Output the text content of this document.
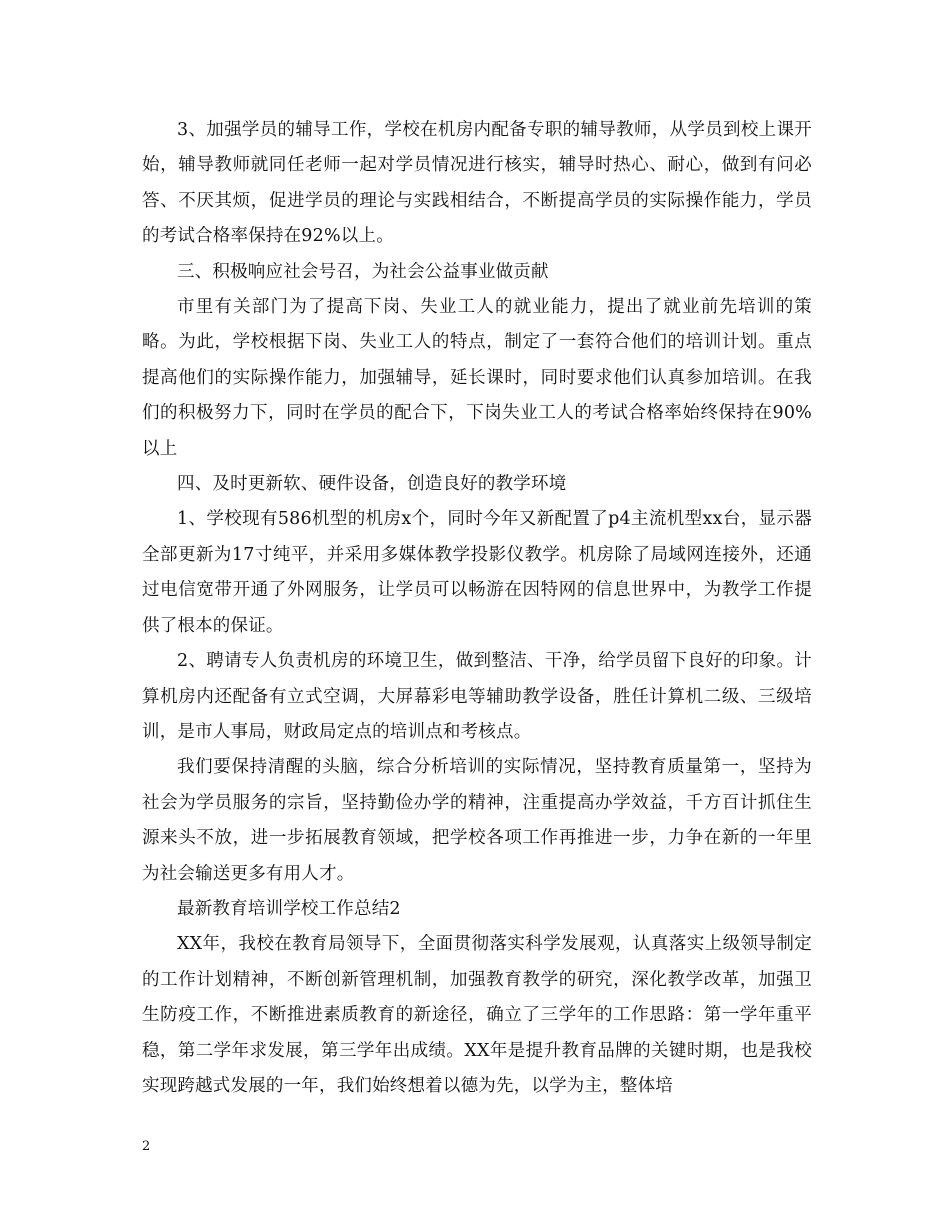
3、加强学员的辅导工作，学校在机房内配备专职的辅导教师，从学员到校上课开始，辅导教师就同任老师一起对学员情况进行核实，辅导时热心、耐心，做到有问必答、不厌其烦，促进学员的理论与实践相结合，不断提高学员的实际操作能力，学员的考试合格率保持在92%以上。

三、积极响应社会号召，为社会公益事业做贡献

市里有关部门为了提高下岗、失业工人的就业能力，提出了就业前先培训的策略。为此，学校根据下岗、失业工人的特点，制定了一套符合他们的培训计划。重点提高他们的实际操作能力，加强辅导，延长课时，同时要求他们认真参加培训。在我们的积极努力下，同时在学员的配合下，下岗失业工人的考试合格率始终保持在90%以上

四、及时更新软、硬件设备，创造良好的教学环境

1、学校现有586机型的机房x个，同时今年又新配置了p4主流机型xx台，显示器全部更新为17寸纯平，并采用多媒体教学投影仪教学。机房除了局域网连接外，还通过电信宽带开通了外网服务，让学员可以畅游在因特网的信息世界中，为教学工作提供了根本的保证。

2、聘请专人负责机房的环境卫生，做到整洁、干净，给学员留下良好的印象。计算机房内还配备有立式空调，大屏幕彩电等辅助教学设备，胜任计算机二级、三级培训，是市人事局，财政局定点的培训点和考核点。

我们要保持清醒的头脑，综合分析培训的实际情况，坚持教育质量第一，坚持为社会为学员服务的宗旨，坚持勤俭办学的精神，注重提高办学效益，千方百计抓住生源来头不放，进一步拓展教育领域，把学校各项工作再推进一步，力争在新的一年里为社会输送更多有用人才。

最新教育培训学校工作总结2

XX年，我校在教育局领导下，全面贯彻落实科学发展观，认真落实上级领导制定的工作计划精神，不断创新管理机制，加强教育教学的研究，深化教学改革，加强卫生防疫工作，不断推进素质教育的新途径，确立了三学年的工作思路：第一学年重平稳，第二学年求发展，第三学年出成绩。XX年是提升教育品牌的关键时期，也是我校实现跨越式发展的一年，我们始终想着以德为先，以学为主，整体培

2
